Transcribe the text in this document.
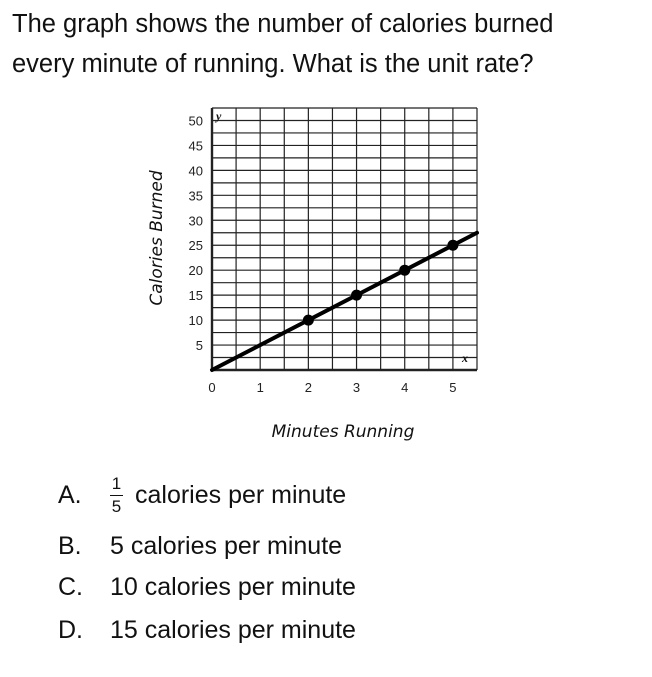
The graph shows the number of calories burned
every minute of running. What is the unit rate?
0	1	2	3	4	5
5
10
15
20
25
30
35
40
45
50 y
x
Calories Burned
Minutes Running
A.	$\frac{1}{5}$ calories per minute
B.	5 calories per minute
C.	10 calories per minute
D.	15 calories per minute
